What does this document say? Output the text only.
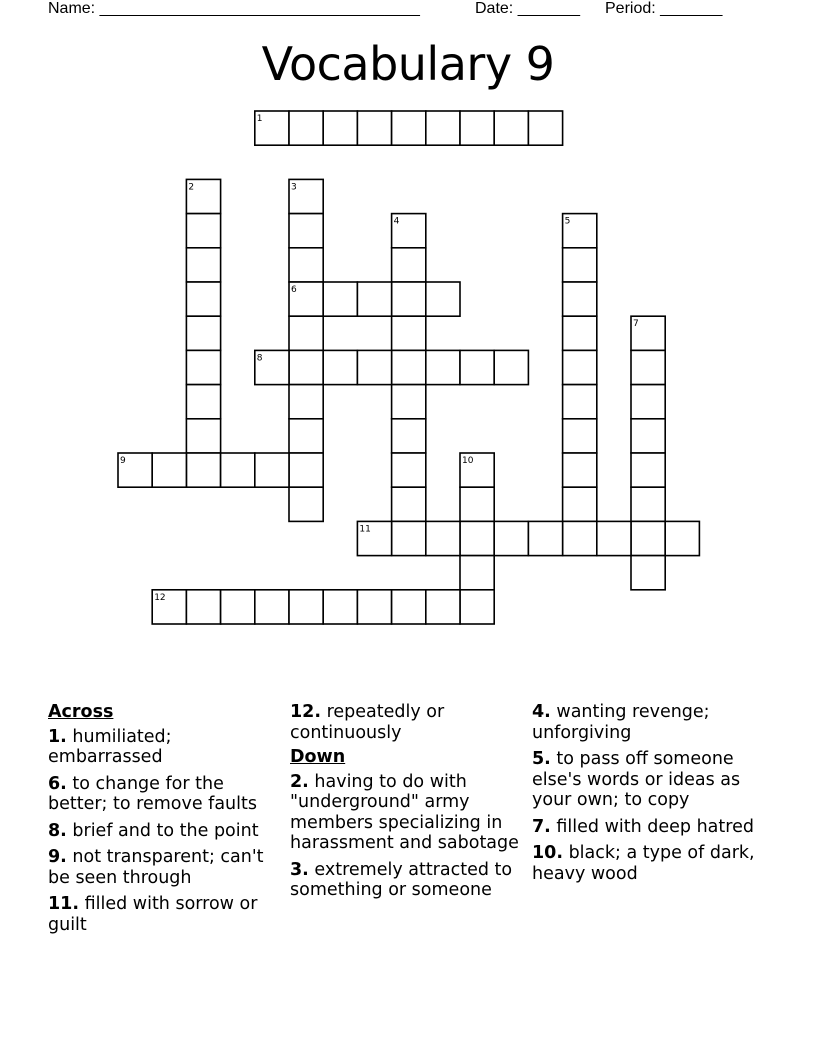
Name: ____________________________________	Date: _______ Period: _______
Vocabulary 9
1
2	3
6
4	5
7
8
9	10
11
12
Across
1. humiliated; embarrassed
6. to change for the better; to remove faults
8. brief and to the point
9. not transparent; can't be seen through
11. filled with sorrow or guilt
12. repeatedly or continuously
Down
2. having to do with "underground" army members specializing in harassment and sabotage
3. extremely attracted to something or someone
4. wanting revenge; unforgiving
5. to pass off someone else's words or ideas as your own; to copy
7. filled with deep hatred
10. black; a type of dark, heavy wood
